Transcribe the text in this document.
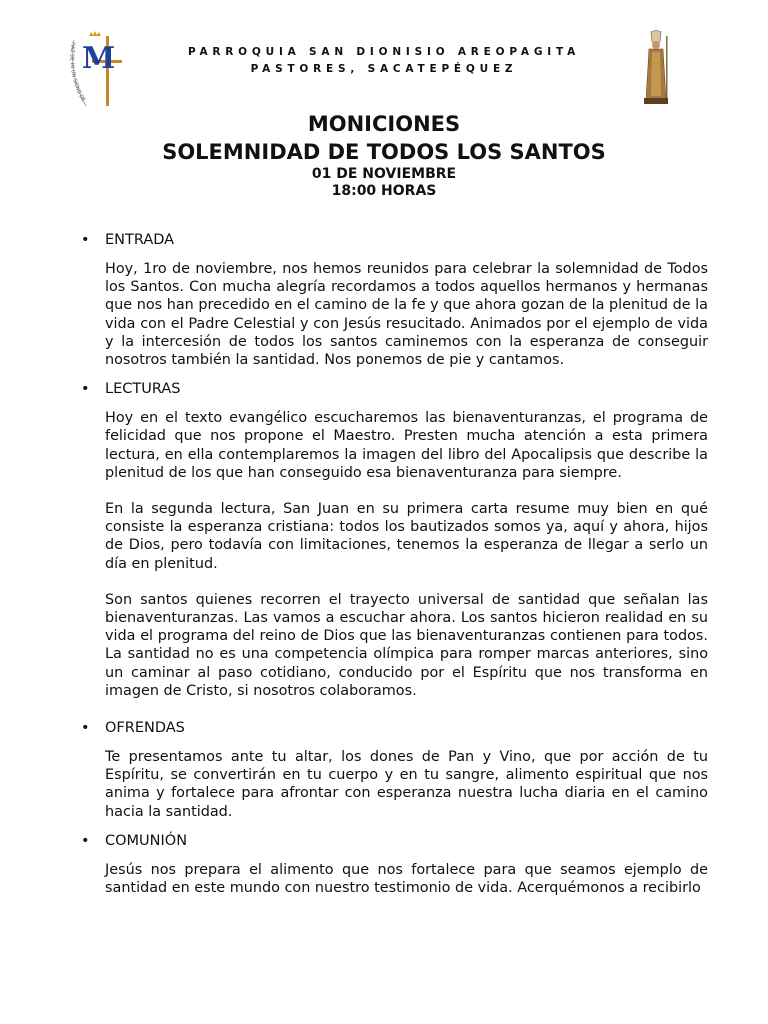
M
HAZ DE MI UN SIGNO DE
PARROQUIA SAN DIONISIO AREOPAGITA
PASTORES, SACATEPÉQUEZ
MONICIONES
SOLEMNIDAD DE TODOS LOS SANTOS
01 DE NOVIEMBRE
18:00 HORAS
• ENTRADA
Hoy, 1ro de noviembre, nos hemos reunidos para celebrar la solemnidad de Todos los Santos. Con mucha alegría recordamos a todos aquellos hermanos y hermanas que nos han precedido en el camino de la fe y que ahora gozan de la plenitud de la vida con el Padre Celestial y con Jesús resucitado. Animados por el ejemplo de vida y la intercesión de todos los santos caminemos con la esperanza de conseguir nosotros también la santidad. Nos ponemos de pie y cantamos.
• LECTURAS
Hoy en el texto evangélico escucharemos las bienaventuranzas, el programa de felicidad que nos propone el Maestro. Presten mucha atención a esta primera lectura, en ella contemplaremos la imagen del libro del Apocalipsis que describe la plenitud de los que han conseguido esa bienaventuranza para siempre.
En la segunda lectura, San Juan en su primera carta resume muy bien en qué consiste la esperanza cristiana: todos los bautizados somos ya, aquí y ahora, hijos de Dios, pero todavía con limitaciones, tenemos la esperanza de llegar a serlo un día en plenitud.
Son santos quienes recorren el trayecto universal de santidad que señalan las bienaventuranzas. Las vamos a escuchar ahora. Los santos hicieron realidad en su vida el programa del reino de Dios que las bienaventuranzas contienen para todos. La santidad no es una competencia olímpica para romper marcas anteriores, sino un caminar al paso cotidiano, conducido por el Espíritu que nos transforma en imagen de Cristo, si nosotros colaboramos.
• OFRENDAS
Te presentamos ante tu altar, los dones de Pan y Vino, que por acción de tu Espíritu, se convertirán en tu cuerpo y en tu sangre, alimento espiritual que nos anima y fortalece para afrontar con esperanza nuestra lucha diaria en el camino hacia la santidad.
• COMUNIÓN
Jesús nos prepara el alimento que nos fortalece para que seamos ejemplo de santidad en este mundo con nuestro testimonio de vida. Acerquémonos a recibirlo
